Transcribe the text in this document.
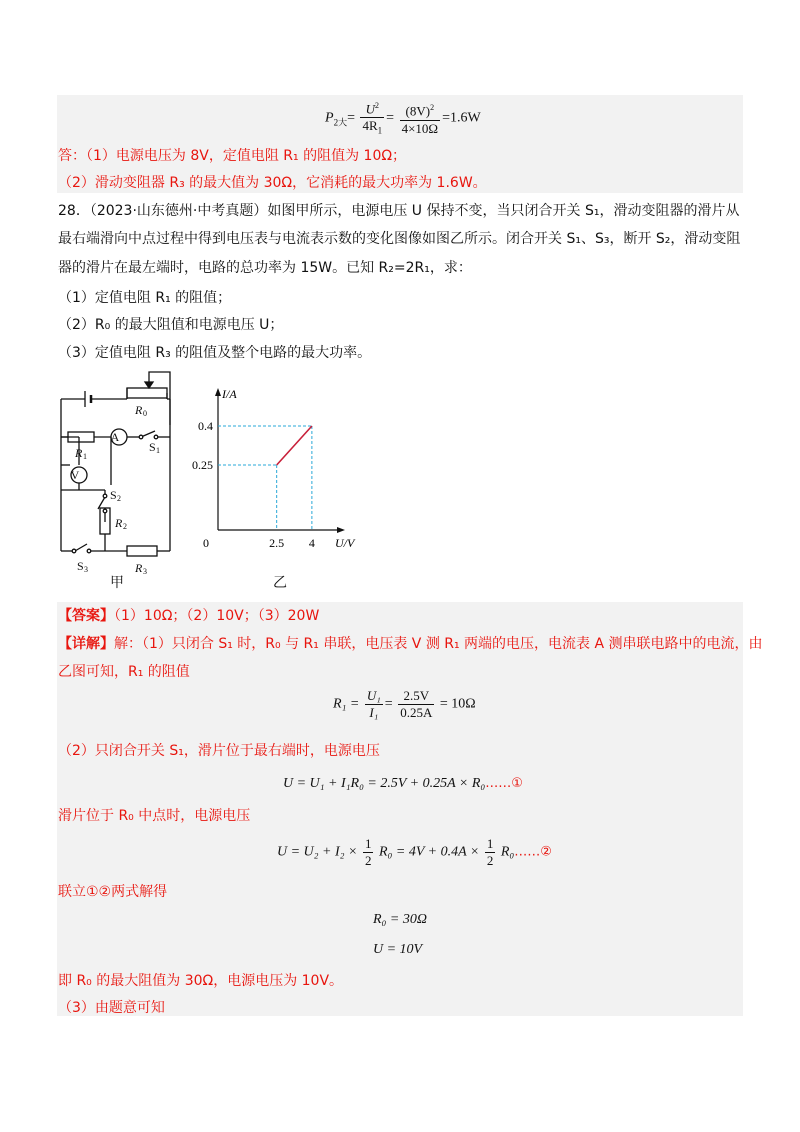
$P_{2大}= \frac{U^2}{4R_1} = \frac{(8V)^2}{4\times 10\Omega} =1.6W$
答：（1）电源电压为 8V，定值电阻 R₁ 的阻值为 10Ω；
（2）滑动变阻器 R₃ 的最大值为 30Ω，它消耗的最大功率为 1.6W。
28．（2023·山东德州·中考真题）如图甲所示，电源电压 U 保持不变，当只闭合开关 S₁，滑动变阻器的滑片从
最右端滑向中点过程中得到电压表与电流表示数的变化图像如图乙所示。闭合开关 S₁、S₃，断开 S₂，滑动变阻
器的滑片在最左端时，电路的总功率为 15W。已知 R₂=2R₁，求：
（1）定值电阻 R₁ 的阻值；
（2）R₀ 的最大阻值和电源电压 U；
（3）定值电阻 R₃ 的阻值及整个电路的最大功率。
A
V
R 0
R 1
R 2
R 3
S 1
S 2
S 3
甲
I/A
U/V
0	2.5 4
0.25
0.4
乙
【答案】（1）10Ω；（2）10V；（3）20W
【详解】解：（1）只闭合 S₁ 时，R₀ 与 R₁ 串联，电压表 V 测 R₁ 两端的电压，电流表 A 测串联电路中的电流，由
乙图可知，R₁ 的阻值
$R_1 = \frac{\text{U₁}}{\text{I₁}} = \frac{2.5V}{0.25A} = 10\Omega$
（2）只闭合开关 S₁，滑片位于最右端时，电源电压
U = U₁ + I₁R₀ = 2.5V + 0.25A × R₀……①
滑片位于 R₀ 中点时，电源电压
$U = U_2 + I_2 \times \frac{1}{2} R_0 = 4V + 0.4A \times \frac{1}{2}$ R₀……②
联立①②两式解得
R₀ = 30Ω
U = 10V
即 R₀ 的最大阻值为 30Ω，电源电压为 10V。
（3）由题意可知
